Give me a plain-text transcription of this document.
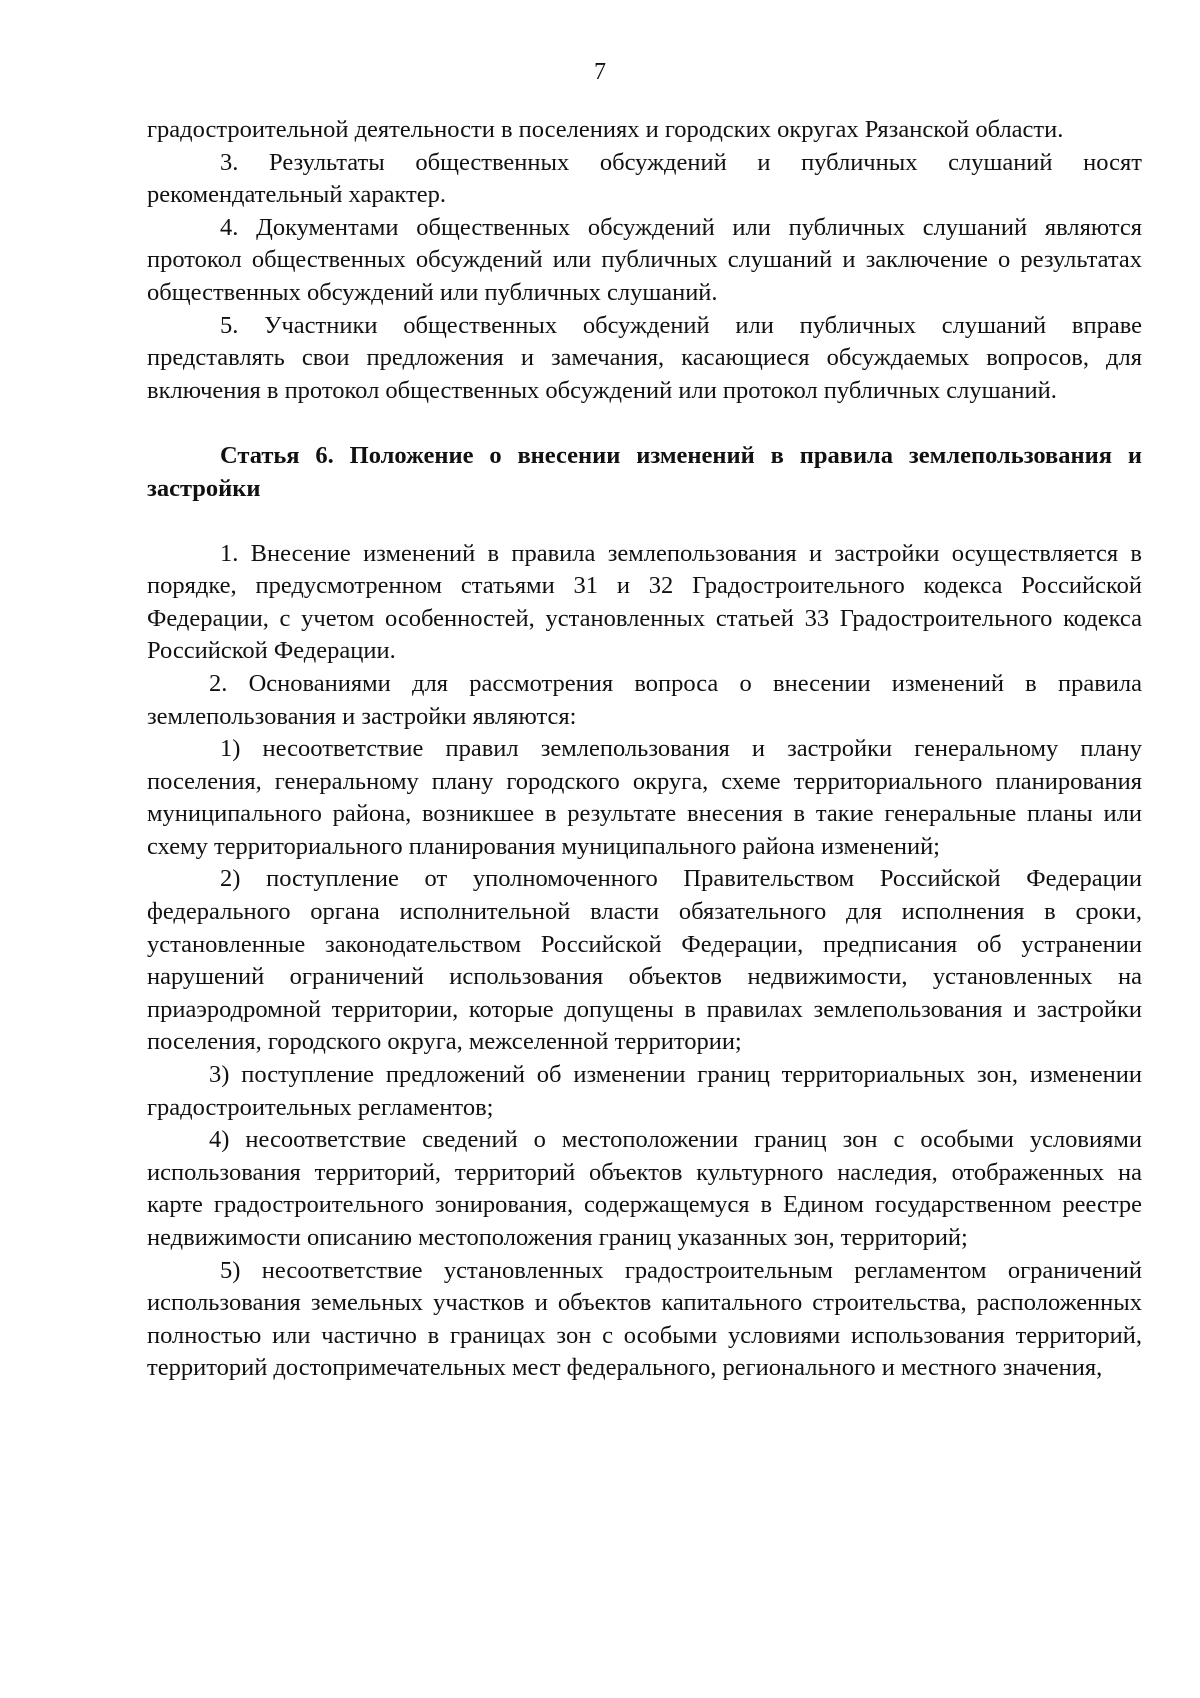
7

градостроительной деятельности в поселениях и городских округах Рязанской области.

3. Результаты общественных обсуждений и публичных слушаний носят рекомендательный характер.

4. Документами общественных обсуждений или публичных слушаний являются протокол общественных обсуждений или публичных слушаний и заключение о результатах общественных обсуждений или публичных слушаний.

5. Участники общественных обсуждений или публичных слушаний вправе представлять свои предложения и замечания, касающиеся обсуждаемых вопросов, для включения в протокол общественных обсуждений или протокол публичных слушаний.

Статья 6. Положение о внесении изменений в правила землепользования и застройки

1. Внесение изменений в правила землепользования и застройки осуществляется в порядке, предусмотренном статьями 31 и 32 Градостроительного кодекса Российской Федерации, с учетом особенностей, установленных статьей 33 Градостроительного кодекса Российской Федерации.

2. Основаниями для рассмотрения вопроса о внесении изменений в правила землепользования и застройки являются:

1) несоответствие правил землепользования и застройки генеральному плану поселения, генеральному плану городского округа, схеме территориального планирования муниципального района, возникшее в результате внесения в такие генеральные планы или схему территориального планирования муниципального района изменений;

2) поступление от уполномоченного Правительством Российской Федерации федерального органа исполнительной власти обязательного для исполнения в сроки, установленные законодательством Российской Федерации, предписания об устранении нарушений ограничений использования объектов недвижимости, установленных на приаэродромной территории, которые допущены в правилах землепользования и застройки поселения, городского округа, межселенной территории;

3) поступление предложений об изменении границ территориальных зон, изменении градостроительных регламентов;

4) несоответствие сведений о местоположении границ зон с особыми условиями использования территорий, территорий объектов культурного наследия, отображенных на карте градостроительного зонирования, содержащемуся в Едином государственном реестре недвижимости описанию местоположения границ указанных зон, территорий;

5) несоответствие установленных градостроительным регламентом ограничений использования земельных участков и объектов капитального строительства, расположенных полностью или частично в границах зон с особыми условиями использования территорий, территорий достопримечательных мест федерального, регионального и местного значения,
